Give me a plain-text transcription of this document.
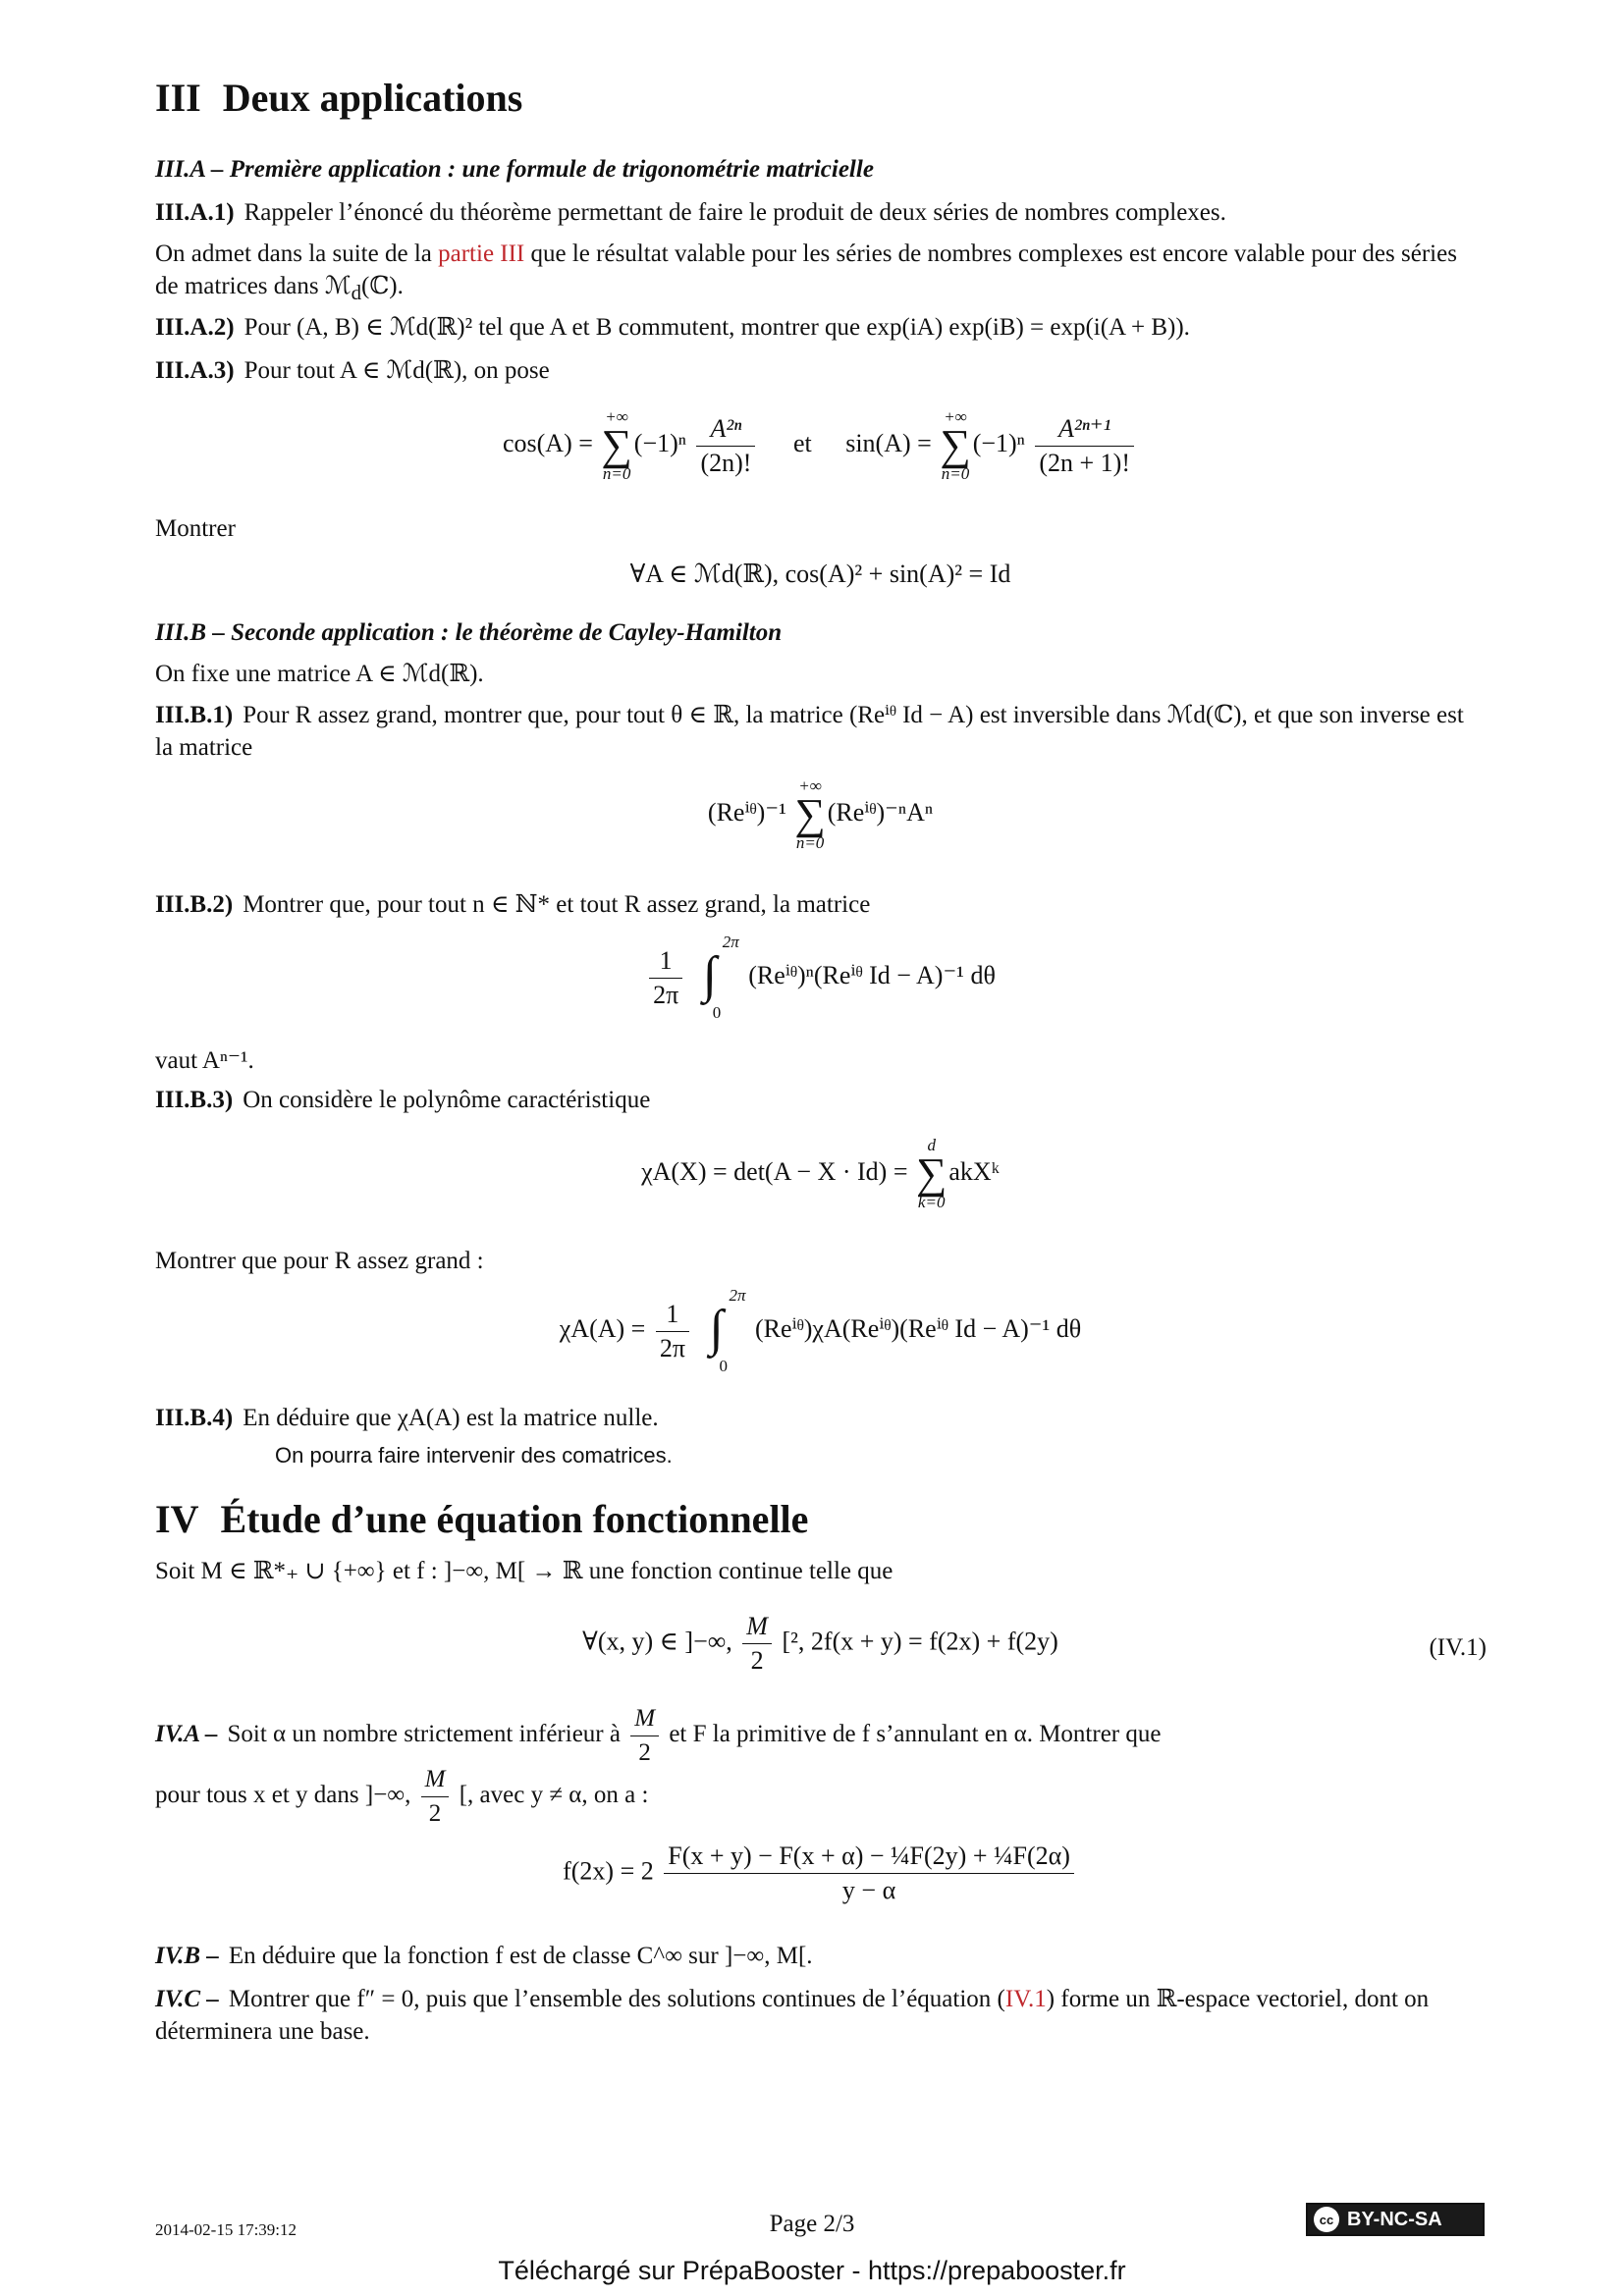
III Deux applications
III.A – Première application : une formule de trigonométrie matricielle
III.A.1) Rappeler l’énoncé du théorème permettant de faire le produit de deux séries de nombres complexes.
On admet dans la suite de la partie III que le résultat valable pour les séries de nombres complexes est encore valable pour des séries de matrices dans ℳ$_d$(ℂ).
III.A.2) Pour (A, B) ∈ ℳd(ℝ)² tel que A et B commutent, montrer que exp(iA) exp(iB) = exp(i(A + B)).
III.A.3) Pour tout A ∈ ℳd(ℝ), on pose
cos(A) =
+∞
∑
n=0
$(-1)^n \frac{\text{A²ⁿ}}{(2n)!}$ et sin(A) =
+∞
∑
n=0
$(-1)^n \frac{\text{A²ⁿ⁺¹}}{(2n + 1)!}$
Montrer
∀A ∈ ℳd(ℝ), cos(A)² + sin(A)² = Id
III.B – Seconde application : le théorème de Cayley-Hamilton
On fixe une matrice A ∈ ℳd(ℝ).
III.B.1) Pour R assez grand, montrer que, pour tout θ ∈ ℝ, la matrice (Reⁱᶿ Id − A) est inversible dans ℳd(ℂ), et que son inverse est la matrice
(Reⁱᶿ)⁻¹
+∞
∑
n=0
(Reⁱᶿ)⁻ⁿAⁿ
III.B.2) Montrer que, pour tout n ∈ ℕ* et tout R assez grand, la matrice
$\frac{1}{2\pi}$
∫
2π
0
(Reⁱᶿ)ⁿ(Reⁱᶿ Id − A)⁻¹ dθ
vaut Aⁿ⁻¹.
III.B.3) On considère le polynôme caractéristique
χA(X) = det(A − X · Id) =
d
∑
k=0
akXᵏ
Montrer que pour R assez grand :
$\chi A(A) = \frac{1}{2\pi}$
∫
2π
0
(Reⁱᶿ)χA(Reⁱᶿ)(Reⁱᶿ Id − A)⁻¹ dθ
III.B.4) En déduire que χA(A) est la matrice nulle.
On pourra faire intervenir des comatrices.
IV Étude d’une équation fonctionnelle
Soit M ∈ ℝ*₊ ∪ {+∞} et f : ]−∞, M[ → ℝ une fonction continue telle que
∀(x, y) ∈ ]−∞, $\frac{M}{2} [^2$, 2f(x + y) = f(2x) + f(2y)	(IV.1)
IV.A – Soit α un nombre strictement inférieur à $\frac{M}{2}$ et F la primitive de f s’annulant en α. Montrer que
pour tous x et y dans ]−∞, $\frac{M}{2}$ [, avec y ≠ α, on a :
$f(2x) = 2 \frac{\text{F(x + y) − F(x + α) − ¼F(2y) + ¼F(2α)}}{y - \alpha}$
IV.B – En déduire que la fonction f est de classe C^∞ sur ]−∞, M[.
IV.C – Montrer que f″ = 0, puis que l’ensemble des solutions continues de l’équation (IV.1) forme un ℝ-espace vectoriel, dont on déterminera une base.
2014-02-15 17:39:12	Page 2/3	cc BY-NC-SA
Téléchargé sur PrépaBooster - https://prepabooster.fr
